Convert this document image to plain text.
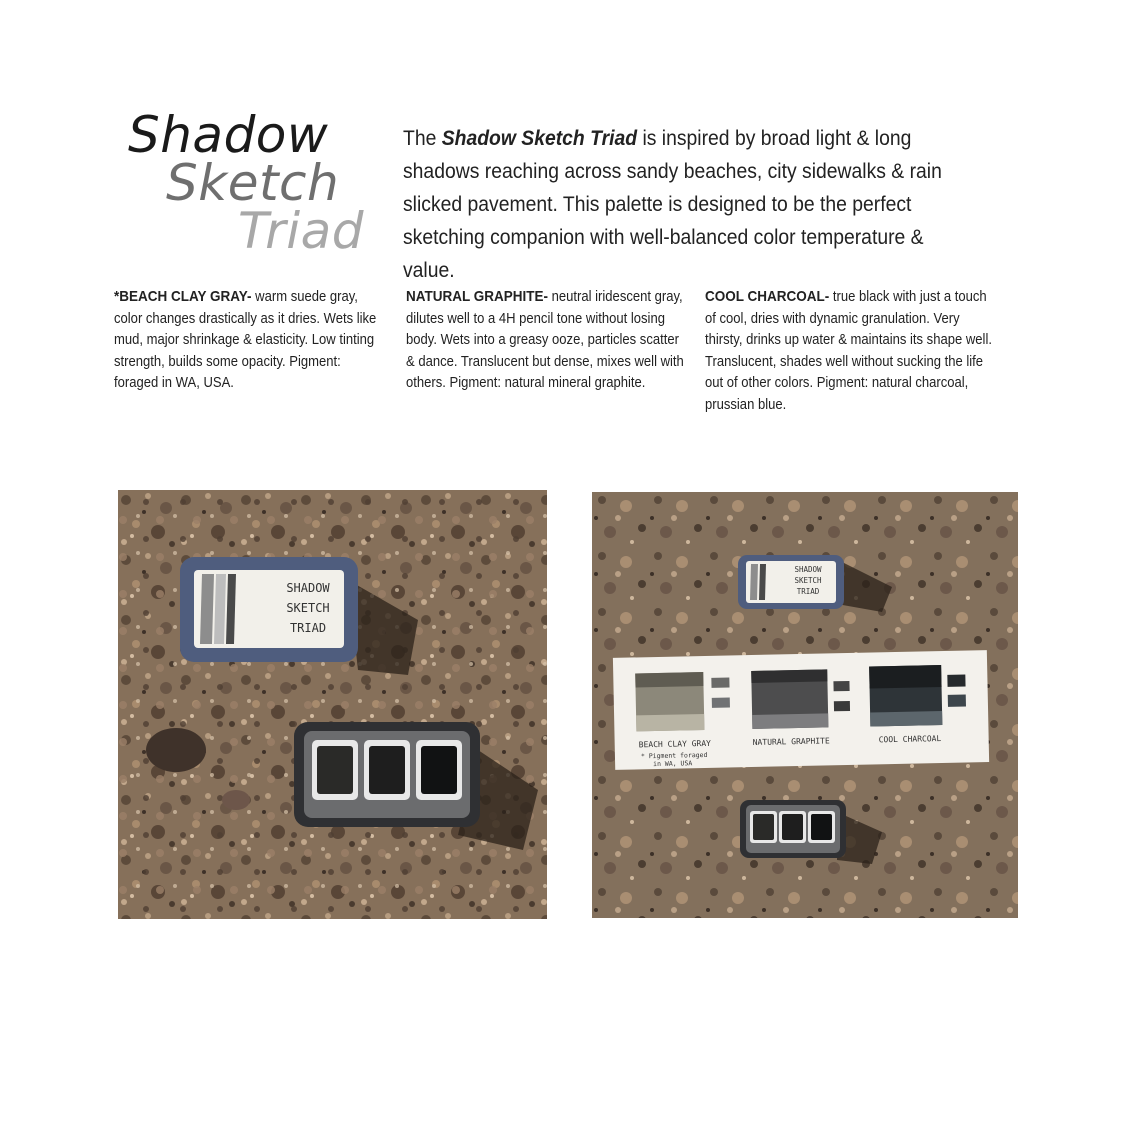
Shadow
Sketch
Triad
The Shadow Sketch Triad is inspired by broad light & long shadows reaching across sandy beaches, city sidewalks & rain slicked pavement. This palette is designed to be the perfect sketching companion with well-balanced color temperature & value.
*BEACH CLAY GRAY- warm suede gray, color changes drastically as it dries. Wets like mud, major shrinkage & elasticity. Low tinting strength, builds some opacity. Pigment: foraged in WA, USA.
NATURAL GRAPHITE- neutral iridescent gray, dilutes well to a 4H pencil tone without losing body. Wets into a greasy ooze, particles scatter & dance. Translucent but dense, mixes well with others. Pigment: natural mineral graphite.
COOL CHARCOAL- true black with just a touch of cool, dries with dynamic granulation. Very thirsty, drinks up water & maintains its shape well. Translucent, shades well without sucking the life out of other colors. Pigment: natural charcoal, prussian blue.
SHADOW
SKETCH
TRIAD
SHADOW
SKETCH
TRIAD
BEACH CLAY GRAY
* Pigment foraged
in WA, USA
NATURAL GRAPHITE	COOL CHARCOAL
